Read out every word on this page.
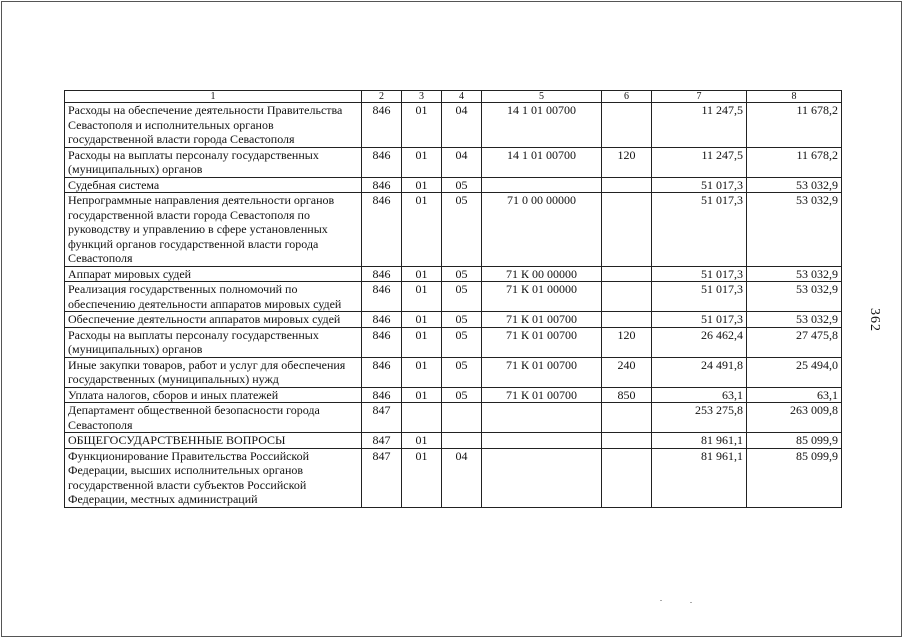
1	2	3	4	5	6	7	8
Расходы на обеспечение деятельности Правительства Севастополя и исполнительных органов государственной власти города Севастополя	846	01	04	14 1 01 00700		11 247,5	11 678,2
Расходы на выплаты персоналу государственных (муниципальных) органов	846	01	04	14 1 01 00700	120	11 247,5	11 678,2
Судебная система	846	01	05			51 017,3	53 032,9
Непрограммные направления деятельности органов государственной власти города Севастополя по руководству и управлению в сфере установленных функций органов государственной власти города Севастополя	846	01	05	71 0 00 00000		51 017,3	53 032,9
Аппарат мировых судей	846	01	05	71 К 00 00000		51 017,3	53 032,9
Реализация государственных полномочий по обеспечению деятельности аппаратов мировых судей	846	01	05	71 К 01 00000		51 017,3	53 032,9
Обеспечение деятельности аппаратов мировых судей	846	01	05	71 К 01 00700		51 017,3	53 032,9
Расходы на выплаты персоналу государственных (муниципальных) органов	846	01	05	71 К 01 00700	120	26 462,4	27 475,8
Иные закупки товаров, работ и услуг для обеспечения государственных (муниципальных) нужд	846	01	05	71 К 01 00700	240	24 491,8	25 494,0
Уплата налогов, сборов и иных платежей	846	01	05	71 К 01 00700	850	63,1	63,1
Департамент общественной безопасности города Севастополя	847					253 275,8	263 009,8
ОБЩЕГОСУДАРСТВЕННЫЕ ВОПРОСЫ	847	01				81 961,1	85 099,9
Функционирование Правительства Российской Федерации, высших исполнительных органов государственной власти субъектов Российской Федерации, местных администраций	847	01	04			81 961,1	85 099,9
362
